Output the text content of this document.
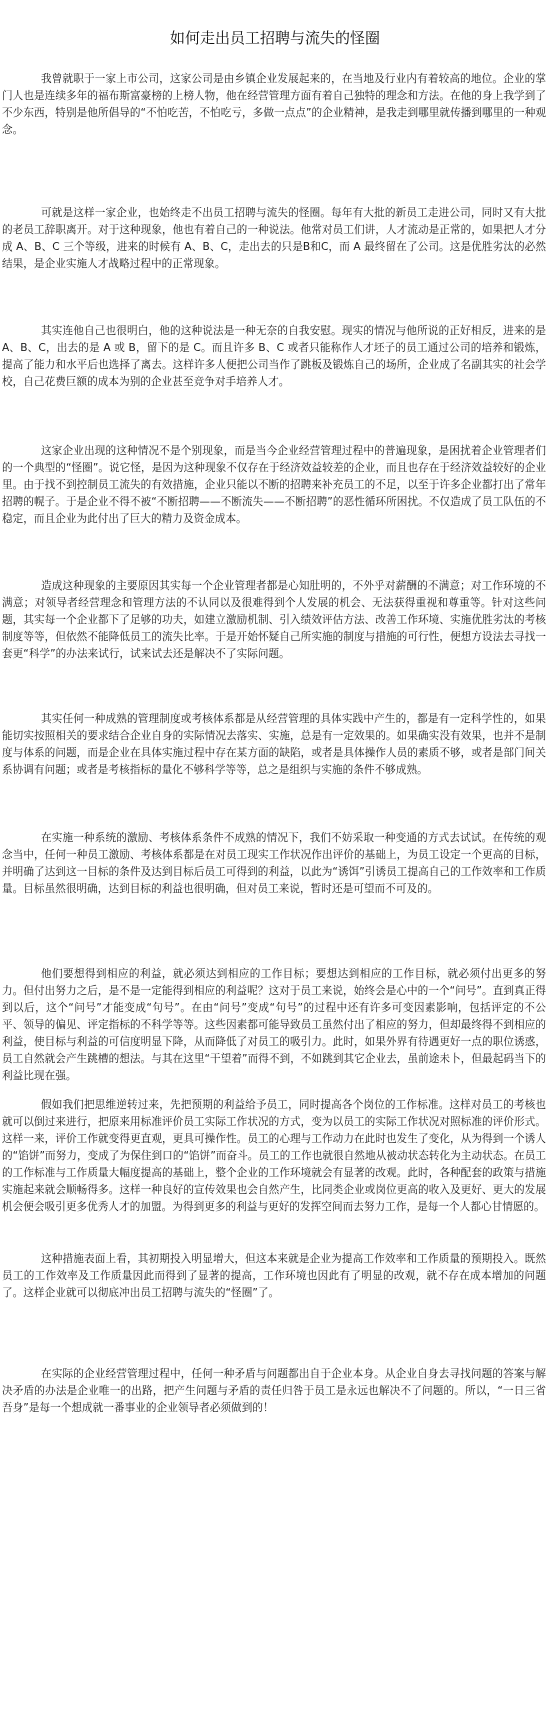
如何走出员工招聘与流失的怪圈

我曾就职于一家上市公司，这家公司是由乡镇企业发展起来的，在当地及行业内有着较高的地位。企业的掌门人也是连续多年的福布斯富豪榜的上榜人物，他在经营管理方面有着自己独特的理念和方法。在他的身上我学到了不少东西，特别是他所倡导的“不怕吃苦，不怕吃亏，多做一点点”的企业精神，是我走到哪里就传播到哪里的一种观念。

可就是这样一家企业，也始终走不出员工招聘与流失的怪圈。每年有大批的新员工走进公司，同时又有大批的老员工辞职离开。对于这种现象，他也有着自己的一种说法。他常对员工们讲，人才流动是正常的，如果把人才分成 A、B、C 三个等级，进来的时候有 A、B、C，走出去的只是B和C，而 A 最终留在了公司。这是优胜劣汰的必然结果，是企业实施人才战略过程中的正常现象。

其实连他自己也很明白，他的这种说法是一种无奈的自我安慰。现实的情况与他所说的正好相反，进来的是 A、B、C，出去的是 A 或 B，留下的是 C。而且许多 B、C 或者只能称作人才坯子的员工通过公司的培养和锻炼，提高了能力和水平后也选择了离去。这样许多人便把公司当作了跳板及锻炼自己的场所，企业成了名副其实的社会学校，自己花费巨额的成本为别的企业甚至竞争对手培养人才。

这家企业出现的这种情况不是个别现象，而是当今企业经营管理过程中的普遍现象，是困扰着企业管理者们的一个典型的“怪圈”。说它怪，是因为这种现象不仅存在于经济效益较差的企业，而且也存在于经济效益较好的企业里。由于找不到控制员工流失的有效措施，企业只能以不断的招聘来补充员工的不足，以至于许多企业都打出了常年招聘的幌子。于是企业不得不被“不断招聘——不断流失——不断招聘”的恶性循环所困扰。不仅造成了员工队伍的不稳定，而且企业为此付出了巨大的精力及资金成本。

造成这种现象的主要原因其实每一个企业管理者都是心知肚明的，不外乎对薪酬的不满意；对工作环境的不满意；对领导者经营理念和管理方法的不认同以及很难得到个人发展的机会、无法获得重视和尊重等。针对这些问题，其实每一个企业都下了足够的功夫，如建立激励机制、引入绩效评估方法、改善工作环境、实施优胜劣汰的考核制度等等，但依然不能降低员工的流失比率。于是开始怀疑自己所实施的制度与措施的可行性，便想方设法去寻找一套更“科学”的办法来试行，试来试去还是解决不了实际问题。

其实任何一种成熟的管理制度或考核体系都是从经营管理的具体实践中产生的，都是有一定科学性的，如果能切实按照相关的要求结合企业自身的实际情况去落实、实施，总是有一定效果的。如果确实没有效果，也并不是制度与体系的问题，而是企业在具体实施过程中存在某方面的缺陷，或者是具体操作人员的素质不够，或者是部门间关系协调有问题；或者是考核指标的量化不够科学等等，总之是组织与实施的条件不够成熟。

在实施一种系统的激励、考核体系条件不成熟的情况下，我们不妨采取一种变通的方式去试试。在传统的观念当中，任何一种员工激励、考核体系都是在对员工现实工作状况作出评价的基础上，为员工设定一个更高的目标，并明确了达到这一目标的条件及达到目标后员工可得到的利益，以此为“诱饵”引诱员工提高自己的工作效率和工作质量。目标虽然很明确，达到目标的利益也很明确，但对员工来说，暂时还是可望而不可及的。

他们要想得到相应的利益，就必须达到相应的工作目标；要想达到相应的工作目标，就必须付出更多的努力。但付出努力之后，是不是一定能得到相应的利益呢？这对于员工来说，始终会是心中的一个“问号”。直到真正得到以后，这个“问号”才能变成“句号”。在由“问号”变成“句号”的过程中还有许多可变因素影响，包括评定的不公平、领导的偏见、评定指标的不科学等等。这些因素都可能导致员工虽然付出了相应的努力，但却最终得不到相应的利益，使目标与利益的可信度明显下降，从而降低了对员工的吸引力。此时，如果外界有待遇更好一点的职位诱惑，员工自然就会产生跳槽的想法。与其在这里“干望着”而得不到，不如跳到其它企业去，虽前途未卜，但最起码当下的利益比现在强。

假如我们把思维逆转过来，先把预期的利益给予员工，同时提高各个岗位的工作标准。这样对员工的考核也就可以倒过来进行，把原来用标准评价员工实际工作状况的方式，变为以员工的实际工作状况对照标准的评价形式。这样一来，评价工作就变得更直观，更具可操作性。员工的心理与工作动力在此时也发生了变化，从为得到一个诱人的“馅饼”而努力，变成了为保住到口的“馅饼”而奋斗。员工的工作也就很自然地从被动状态转化为主动状态。在员工的工作标准与工作质量大幅度提高的基础上，整个企业的工作环境就会有显著的改观。此时，各种配套的政策与措施实施起来就会顺畅得多。这样一种良好的宣传效果也会自然产生，比同类企业或岗位更高的收入及更好、更大的发展机会便会吸引更多优秀人才的加盟。为得到更多的利益与更好的发挥空间而去努力工作，是每一个人都心甘情愿的。

这种措施表面上看，其初期投入明显增大，但这本来就是企业为提高工作效率和工作质量的预期投入。既然员工的工作效率及工作质量因此而得到了显著的提高，工作环境也因此有了明显的改观，就不存在成本增加的问题了。这样企业就可以彻底冲出员工招聘与流失的“怪圈”了。

在实际的企业经营管理过程中，任何一种矛盾与问题都出自于企业本身。从企业自身去寻找问题的答案与解决矛盾的办法是企业唯一的出路，把产生问题与矛盾的责任归咎于员工是永远也解决不了问题的。所以，“一日三省吾身”是每一个想成就一番事业的企业领导者必须做到的！
